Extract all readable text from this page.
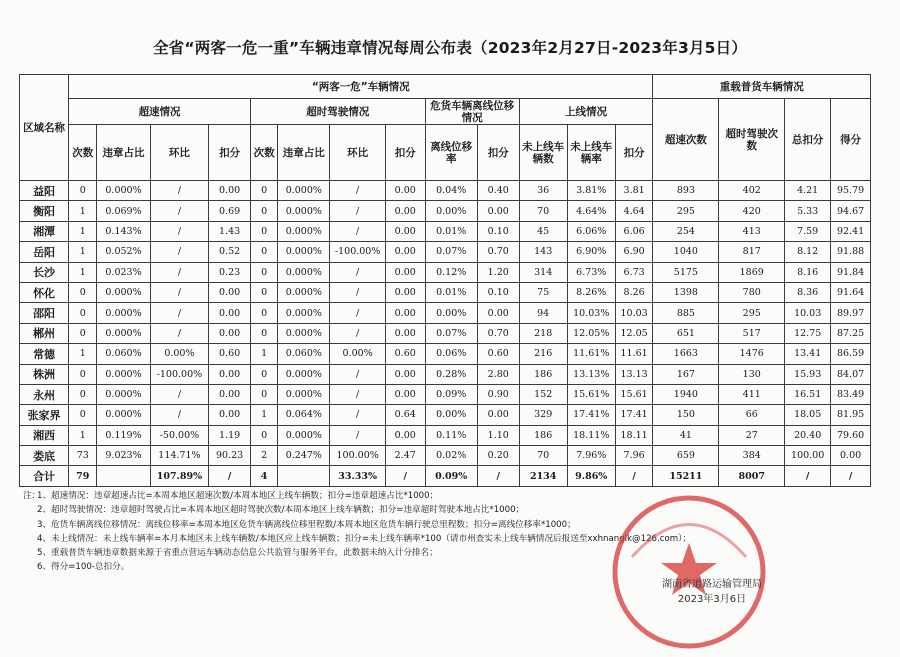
全省“两客一危一重”车辆违章情况每周公布表（2023年2月27日-2023年3月5日）
区域名称	“两客一危”车辆情况													重载普货车辆情况			
	超速情况				超时驾驶情况				危货车辆离线位移情况		上线情况			超速次数	超时驾驶次数	总扣分	得分
	次数	违章占比	环比	扣分	次数	违章占比	环比	扣分	离线位移率	扣分	未上线车辆数	未上线车辆率	扣分				
益阳	0	0.000%	/	0.00	0	0.000%	/	0.00	0.04%	0.40	36	3.81%	3.81	893	402	4.21	95.79
衡阳	1	0.069%	/	0.69	0	0.000%	/	0.00	0.00%	0.00	70	4.64%	4.64	295	420	5.33	94.67
湘潭	1	0.143%	/	1.43	0	0.000%	/	0.00	0.01%	0.10	45	6.06%	6.06	254	413	7.59	92.41
岳阳	1	0.052%	/	0.52	0	0.000%	-100.00%	0.00	0.07%	0.70	143	6.90%	6.90	1040	817	8.12	91.88
长沙	1	0.023%	/	0.23	0	0.000%	/	0.00	0.12%	1.20	314	6.73%	6.73	5175	1869	8.16	91.84
怀化	0	0.000%	/	0.00	0	0.000%	/	0.00	0.01%	0.10	75	8.26%	8.26	1398	780	8.36	91.64
邵阳	0	0.000%	/	0.00	0	0.000%	/	0.00	0.00%	0.00	94	10.03%	10.03	885	295	10.03	89.97
郴州	0	0.000%	/	0.00	0	0.000%	/	0.00	0.07%	0.70	218	12.05%	12.05	651	517	12.75	87.25
常德	1	0.060%	0.00%	0.60	1	0.060%	0.00%	0.60	0.06%	0.60	216	11.61%	11.61	1663	1476	13.41	86.59
株洲	0	0.000%	-100.00%	0.00	0	0.000%	/	0.00	0.28%	2.80	186	13.13%	13.13	167	130	15.93	84.07
永州	0	0.000%	/	0.00	0	0.000%	/	0.00	0.09%	0.90	152	15.61%	15.61	1940	411	16.51	83.49
张家界	0	0.000%	/	0.00	1	0.064%	/	0.64	0.00%	0.00	329	17.41%	17.41	150	66	18.05	81.95
湘西	1	0.119%	-50.00%	1.19	0	0.000%	/	0.00	0.11%	1.10	186	18.11%	18.11	41	27	20.40	79.60
娄底	73	9.023%	114.71%	90.23	2	0.247%	100.00%	2.47	0.02%	0.20	70	7.96%	7.96	659	384	100.00	0.00
合计	79		107.89%	/	4		33.33%	/	0.09%	/	2134	9.86%	/	15211	8007	/	/
注：
1、 超速情况：违章超速占比=本周本地区超速次数/本周本地区上线车辆数；扣分=违章超速占比*1000；
2、 超时驾驶情况：违章超时驾驶占比=本周本地区超时驾驶次数/本周本地区上线车辆数；扣分=违章超时驾驶本地占比*1000；
3、 危货车辆离线位移情况：离线位移率=本周本地区危货车辆离线位移里程数/本周本地区危货车辆行驶总里程数；扣分=离线位移率*1000；
4、 未上线情况：未上线车辆率=本月本地区未上线车辆数/本地区应上线车辆数；扣分=未上线车辆率*100（请市州查实未上线车辆情况后报送至xxhnanglk@126.com）；
5、 重载普货车辆违章数据来源于省重点营运车辆动态信息公共监管与服务平台，此数据未纳入计分排名；
6、 得分=100-总扣分。
湖南省道路运输管理局
2023年3月6日
